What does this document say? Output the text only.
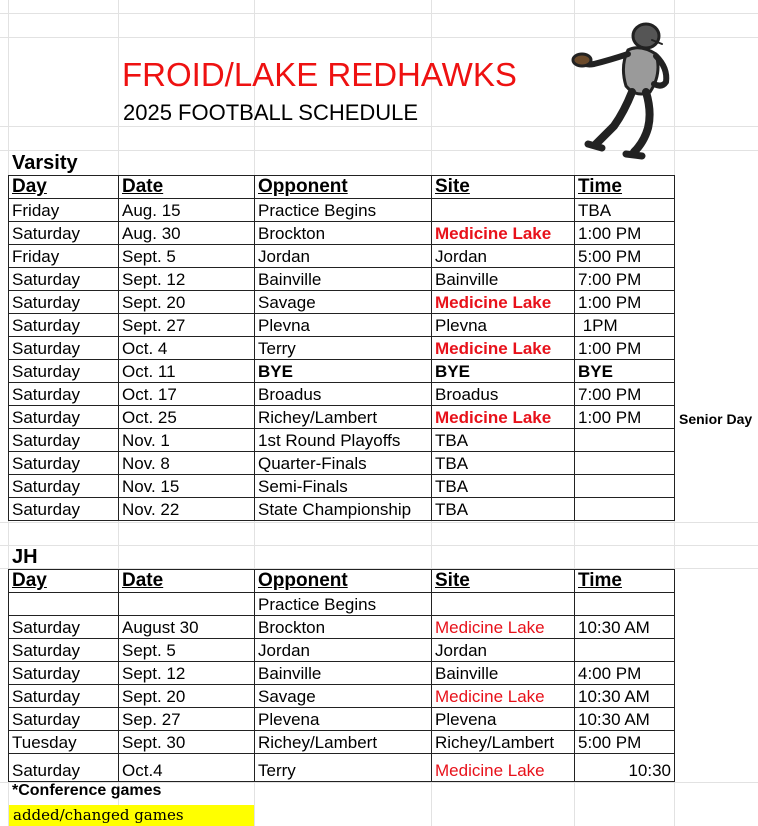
FROID/LAKE REDHAWKS
2025 FOOTBALL SCHEDULE
Varsity
Day	Date	Opponent	Site	Time
Friday	Aug. 15	Practice Begins		TBA
Saturday	Aug. 30	Brockton	Medicine Lake	1:00 PM
Friday	Sept. 5	Jordan	Jordan	5:00 PM
Saturday	Sept. 12	Bainville	Bainville	7:00 PM
Saturday	Sept. 20	Savage	Medicine Lake	1:00 PM
Saturday	Sept. 27	Plevna	Plevna	1PM
Saturday	Oct. 4	Terry	Medicine Lake	1:00 PM
Saturday	Oct. 11	BYE	BYE	BYE
Saturday	Oct. 17	Broadus	Broadus	7:00 PM
Saturday	Oct. 25	Richey/Lambert	Medicine Lake	1:00 PM
Saturday	Nov. 1	1st Round Playoffs	TBA	
Saturday	Nov. 8	Quarter-Finals	TBA	
Saturday	Nov. 15	Semi-Finals	TBA	
Saturday	Nov. 22	State Championship	TBA	
Senior Day
JH
Day	Date	Opponent	Site	Time
		Practice Begins		
Saturday	August 30	Brockton	Medicine Lake	10:30 AM
Saturday	Sept. 5	Jordan	Jordan	
Saturday	Sept. 12	Bainville	Bainville	4:00 PM
Saturday	Sept. 20	Savage	Medicine Lake	10:30 AM
Saturday	Sep. 27	Plevena	Plevena	10:30 AM
Tuesday	Sept. 30	Richey/Lambert	Richey/Lambert	5:00 PM
Saturday	Oct.4	Terry	Medicine Lake	10:30
*Conference games
added/changed games
